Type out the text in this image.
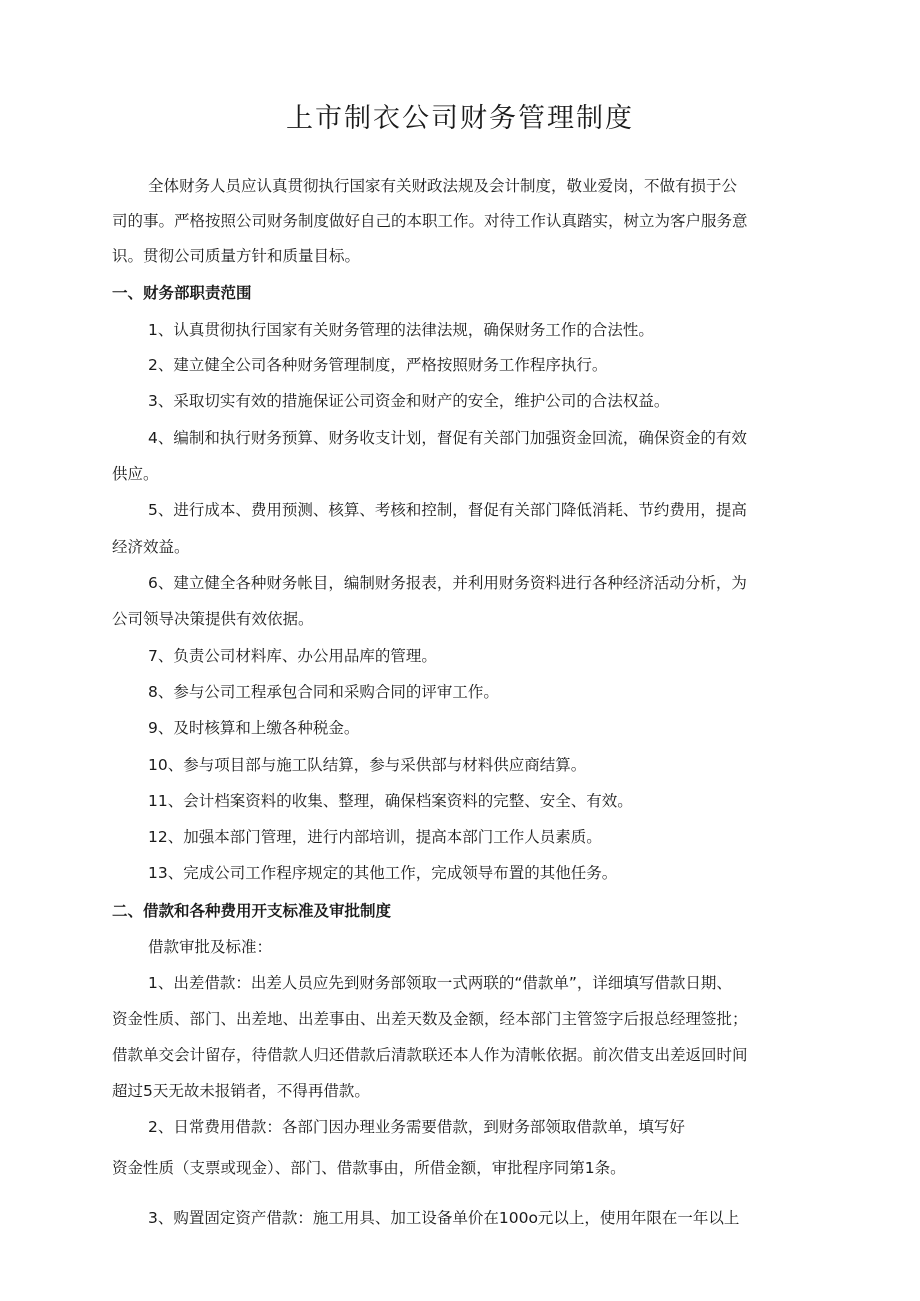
上市制衣公司财务管理制度
全体财务人员应认真贯彻执行国家有关财政法规及会计制度，敬业爱岗，不做有损于公
司的事。严格按照公司财务制度做好自己的本职工作。对待工作认真踏实，树立为客户服务意
识。贯彻公司质量方针和质量目标。
一、财务部职责范围
1、认真贯彻执行国家有关财务管理的法律法规，确保财务工作的合法性。
2、建立健全公司各种财务管理制度，严格按照财务工作程序执行。
3、采取切实有效的措施保证公司资金和财产的安全，维护公司的合法权益。
4、编制和执行财务预算、财务收支计划，督促有关部门加强资金回流，确保资金的有效
供应。
5、进行成本、费用预测、核算、考核和控制，督促有关部门降低消耗、节约费用，提高
经济效益。
6、建立健全各种财务帐目，编制财务报表，并利用财务资料进行各种经济活动分析，为
公司领导决策提供有效依据。
7、负责公司材料库、办公用品库的管理。
8、参与公司工程承包合同和采购合同的评审工作。
9、及时核算和上缴各种税金。
10、参与项目部与施工队结算，参与采供部与材料供应商结算。
11、会计档案资料的收集、整理，确保档案资料的完整、安全、有效。
12、加强本部门管理，进行内部培训，提高本部门工作人员素质。
13、完成公司工作程序规定的其他工作，完成领导布置的其他任务。
二、借款和各种费用开支标准及审批制度
借款审批及标准：
1、出差借款：出差人员应先到财务部领取一式两联的“借款单”，详细填写借款日期、
资金性质、部门、出差地、出差事由、出差天数及金额，经本部门主管签字后报总经理签批；
借款单交会计留存，待借款人归还借款后清款联还本人作为清帐依据。前次借支出差返回时间
超过5天无故未报销者，不得再借款。
2、日常费用借款：各部门因办理业务需要借款，到财务部领取借款单，填写好
资金性质（支票或现金）、部门、借款事由，所借金额，审批程序同第1条。
3、购置固定资产借款：施工用具、加工设备单价在100o元以上，使用年限在一年以上
